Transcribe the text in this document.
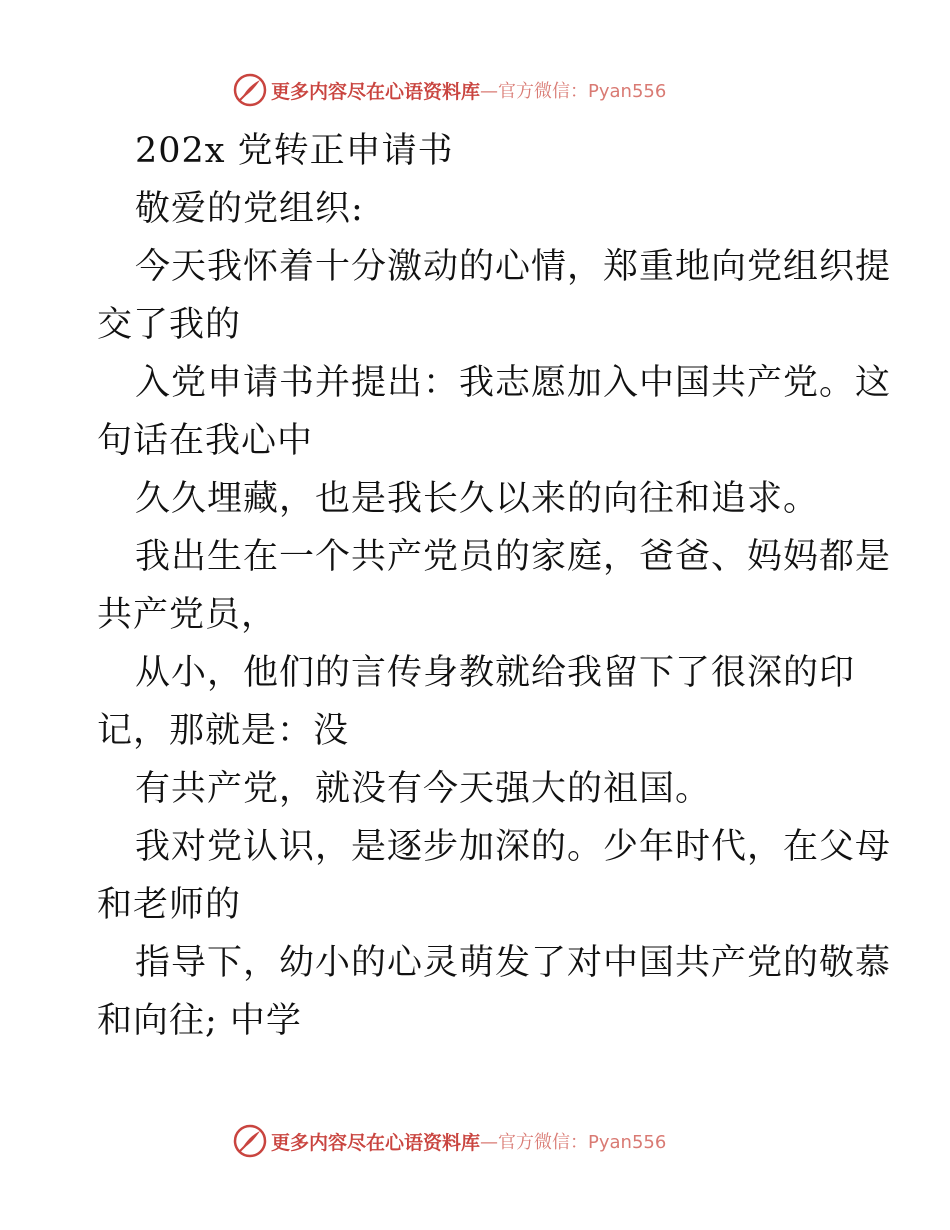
更多内容尽在心语资料库 —官方微信：Pyan556
202x 党转正申请书
敬爱的党组织:
今天我怀着十分激动的心情，郑重地向党组织提
交了我的
入党申请书并提出：我志愿加入中国共产党。这
句话在我心中
久久埋藏，也是我长久以来的向往和追求。
我出生在一个共产党员的家庭，爸爸、妈妈都是
共产党员，
从小，他们的言传身教就给我留下了很深的印
记，那就是：没
有共产党，就没有今天强大的祖国。
我对党认识，是逐步加深的。少年时代，在父母
和老师的
指导下，幼小的心灵萌发了对中国共产党的敬慕
和向往; 中学
更多内容尽在心语资料库 —官方微信：Pyan556
